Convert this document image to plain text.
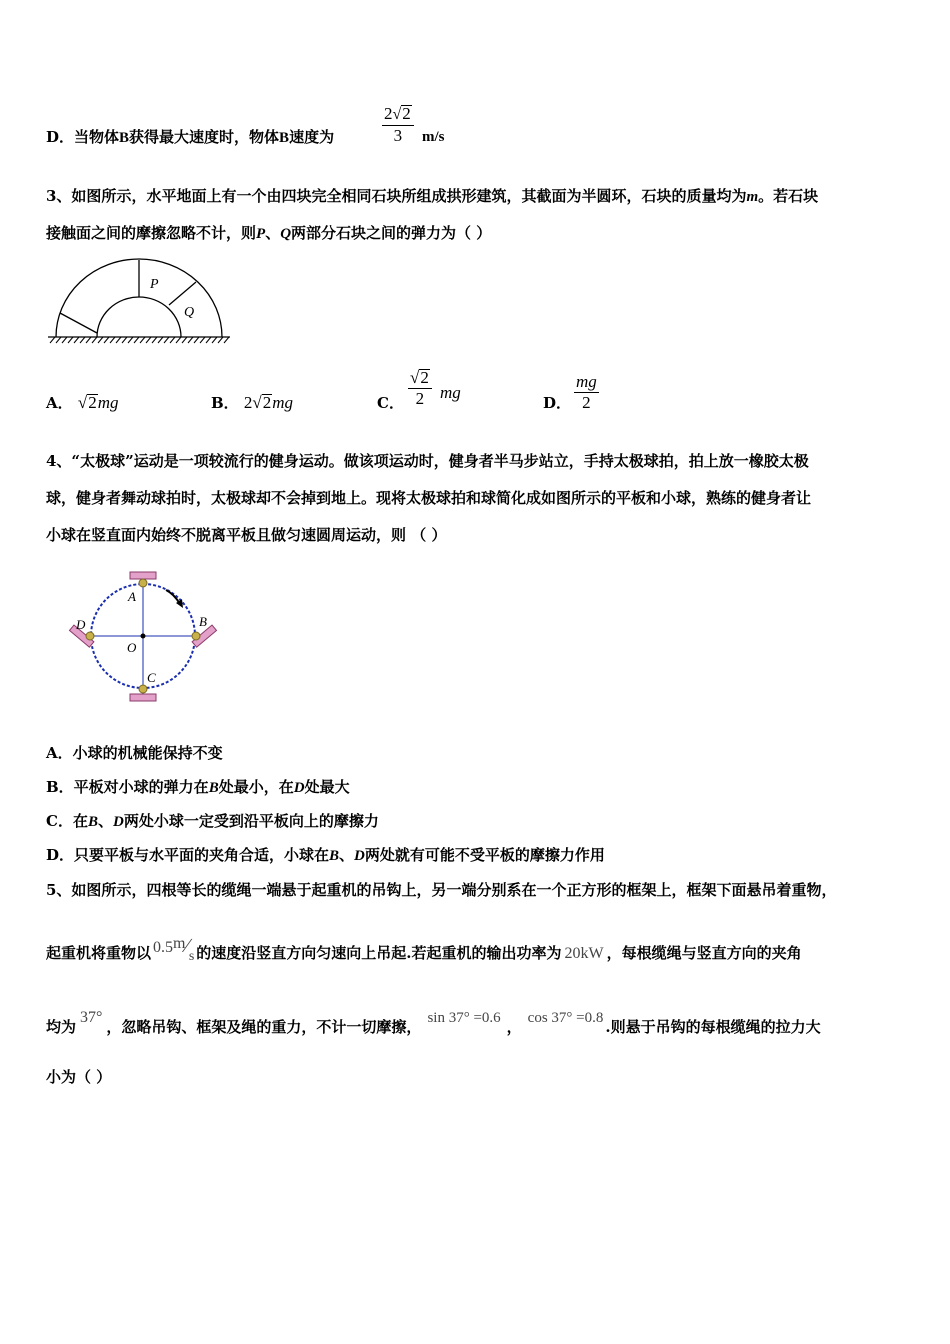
D．当物体B获得最大速度时，物体B速度为	$\frac{2√2}{3} m/s$
3、如图所示，水平地面上有一个由四块完全相同石块所组成拱形建筑，其截面为半圆环，石块的质量均为m。若石块
接触面之间的摩擦忽略不计，则P、Q两部分石块之间的弹力为（ ）
P
Q
A． √2mg	B． 2√2mg	C． $\frac{√2}{2}$ mg
D． $\frac{mg}{2}$
4、“太极球”运动是一项较流行的健身运动。做该项运动时，健身者半马步站立，手持太极球拍，拍上放一橡胶太极
球，健身者舞动球拍时，太极球却不会掉到地上。现将太极球拍和球简化成如图所示的平板和小球，熟练的健身者让
小球在竖直面内始终不脱离平板且做匀速圆周运动，则 （ ）
A
B
C
D
O
A．小球的机械能保持不变
B．平板对小球的弹力在B处最小，在D处最大
C．在B、D两处小球一定受到沿平板向上的摩擦力
D．只要平板与水平面的夹角合适，小球在B、D两处就有可能不受平板的摩擦力作用
5、如图所示，四根等长的缆绳一端悬于起重机的吊钩上，另一端分别系在一个正方形的框架上，框架下面悬吊着重物，
起重机将重物以 0.5m∕s 的速度沿竖直方向匀速向上吊起.若起重机的输出功率为 20kW ，每根缆绳与竖直方向的夹角
均为37°，忽略吊钩、框架及绳的重力，不计一切摩擦， sin 37° =0.6 ， cos 37° =0.8 .则悬于吊钩的每根缆绳的拉力大
小为（ ）
